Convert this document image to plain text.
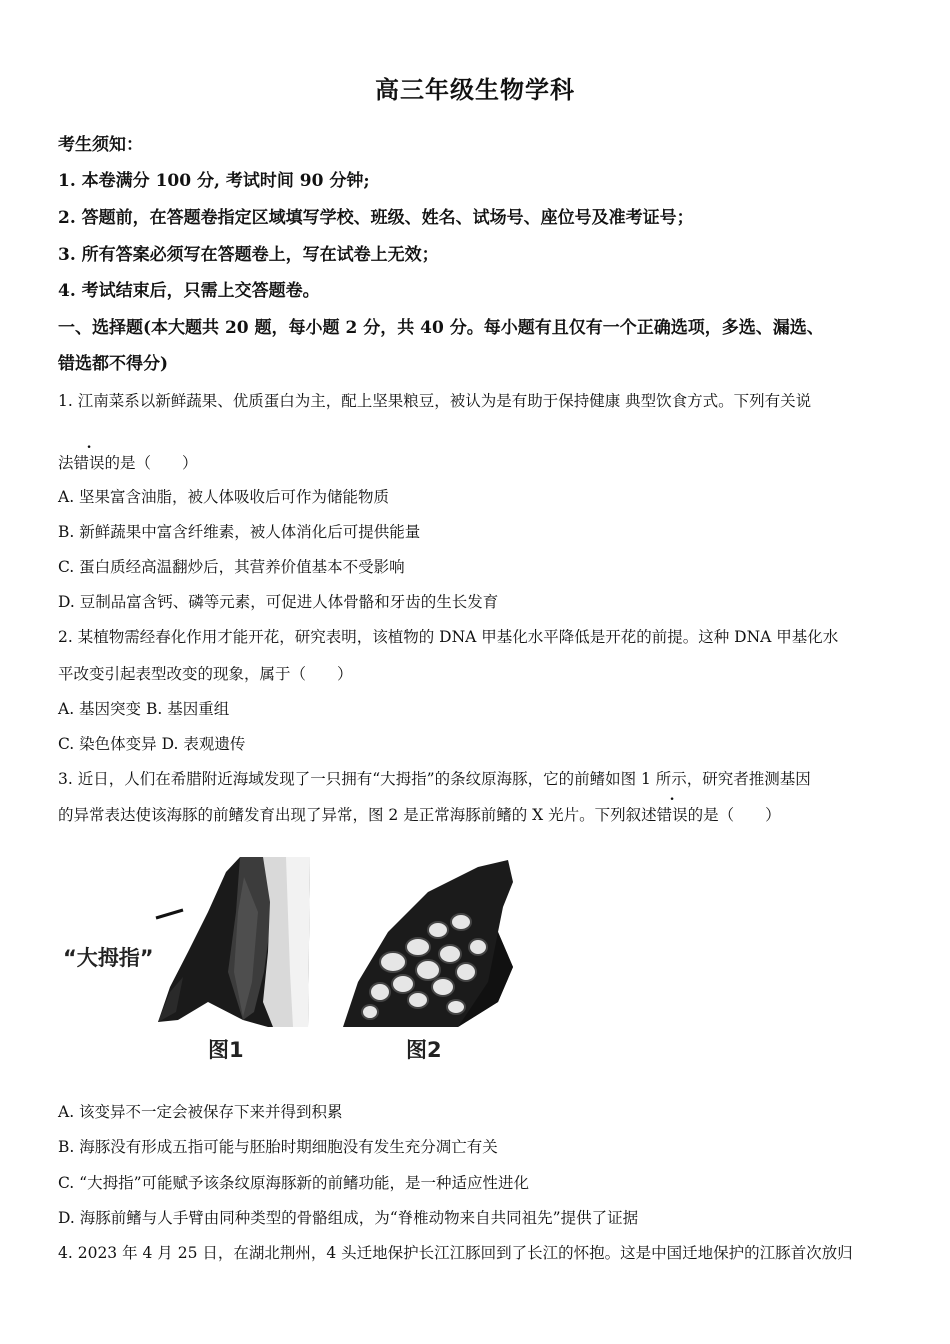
高三年级生物学科
考生须知：
1. 本卷满分 100 分, 考试时间 90 分钟;
2. 答题前，在答题卷指定区域填写学校、班级、姓名、试场号、座位号及准考证号；
3. 所有答案必须写在答题卷上，写在试卷上无效；
4. 考试结束后，只需上交答题卷。
一、选择题(本大题共 20 题，每小题 2 分，共 40 分。每小题有且仅有一个正确选项，多选、漏选、
错选都不得分)
1. 江南菜系以新鲜蔬果、优质蛋白为主，配上坚果粮豆，被认为是有助于保持健康 典型饮食方式。下列有关说
法错误的是（　　）
A. 坚果富含油脂，被人体吸收后可作为储能物质
B. 新鲜蔬果中富含纤维素，被人体消化后可提供能量
C. 蛋白质经高温翻炒后，其营养价值基本不受影响
D. 豆制品富含钙、磷等元素，可促进人体骨骼和牙齿的生长发育
2. 某植物需经春化作用才能开花，研究表明，该植物的 DNA 甲基化水平降低是开花的前提。这种 DNA 甲基化水
平改变引起表型改变的现象，属于（　　）
A. 基因突变 B. 基因重组
C. 染色体变异 D. 表观遗传
3. 近日，人们在希腊附近海域发现了一只拥有“大拇指”的条纹原海豚，它的前鳍如图 1 所示，研究者推测基因
的异常表达使该海豚的前鳍发育出现了异常，图 2 是正常海豚前鳍的 X 光片。下列叙述错误的是（　　）
“大拇指”
图1	图2
A. 该变异不一定会被保存下来并得到积累
B. 海豚没有形成五指可能与胚胎时期细胞没有发生充分凋亡有关
C. “大拇指”可能赋予该条纹原海豚新的前鳍功能，是一种适应性进化
D. 海豚前鳍与人手臂由同种类型的骨骼组成，为“脊椎动物来自共同祖先”提供了证据
4. 2023 年 4 月 25 日，在湖北荆州，4 头迁地保护长江江豚回到了长江的怀抱。这是中国迁地保护的江豚首次放归
